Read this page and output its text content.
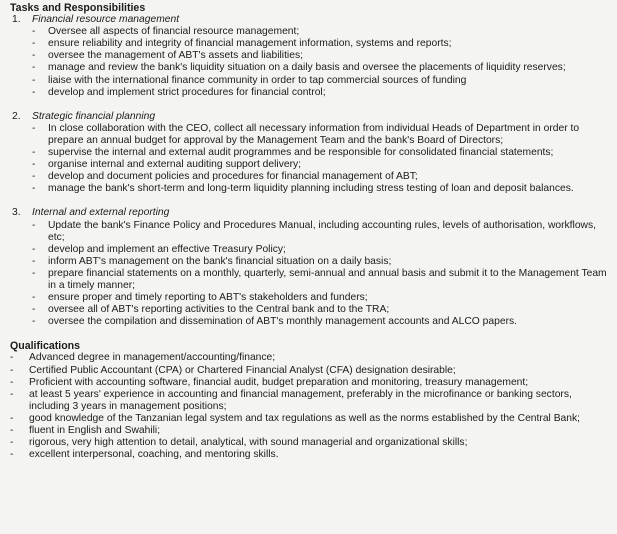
Tasks and Responsibilities
1.	Financial resource management
- Oversee all aspects of financial resource management;
- ensure reliability and integrity of financial management information, systems and reports;
- oversee the management of ABT's assets and liabilities;
- manage and review the bank's liquidity situation on a daily basis and oversee the placements of liquidity reserves;
- liaise with the international finance community in order to tap commercial sources of funding
- develop and implement strict procedures for financial control;
2.	Strategic financial planning
- In close collaboration with the CEO, collect all necessary information from individual Heads of Department in order to prepare an annual budget for approval by the Management Team and the bank's Board of Directors;
- supervise the internal and external audit programmes and be responsible for consolidated financial statements;
- organise internal and external auditing support delivery;
- develop and document policies and procedures for financial management of ABT;
- manage the bank's short-term and long-term liquidity planning including stress testing of loan and deposit balances.
3.	Internal and external reporting
- Update the bank's Finance Policy and Procedures Manual, including accounting rules, levels of authorisation, workflows, etc;
- develop and implement an effective Treasury Policy;
- inform ABT's management on the bank's financial situation on a daily basis;
- prepare financial statements on a monthly, quarterly, semi-annual and annual basis and submit it to the Management Team in a timely manner;
- ensure proper and timely reporting to ABT's stakeholders and funders;
- oversee all of ABT's reporting activities to the Central bank and to the TRA;
- oversee the compilation and dissemination of ABT's monthly management accounts and ALCO papers.
Qualifications
- Advanced degree in management/accounting/finance;
- Certified Public Accountant (CPA) or Chartered Financial Analyst (CFA) designation desirable;
- Proficient with accounting software, financial audit, budget preparation and monitoring, treasury management;
- at least 5 years' experience in accounting and financial management, preferably in the microfinance or banking sectors, including 3 years in management positions;
- good knowledge of the Tanzanian legal system and tax regulations as well as the norms established by the Central Bank;
- fluent in English and Swahili;
- rigorous, very high attention to detail, analytical, with sound managerial and organizational skills;
- excellent interpersonal, coaching, and mentoring skills.
